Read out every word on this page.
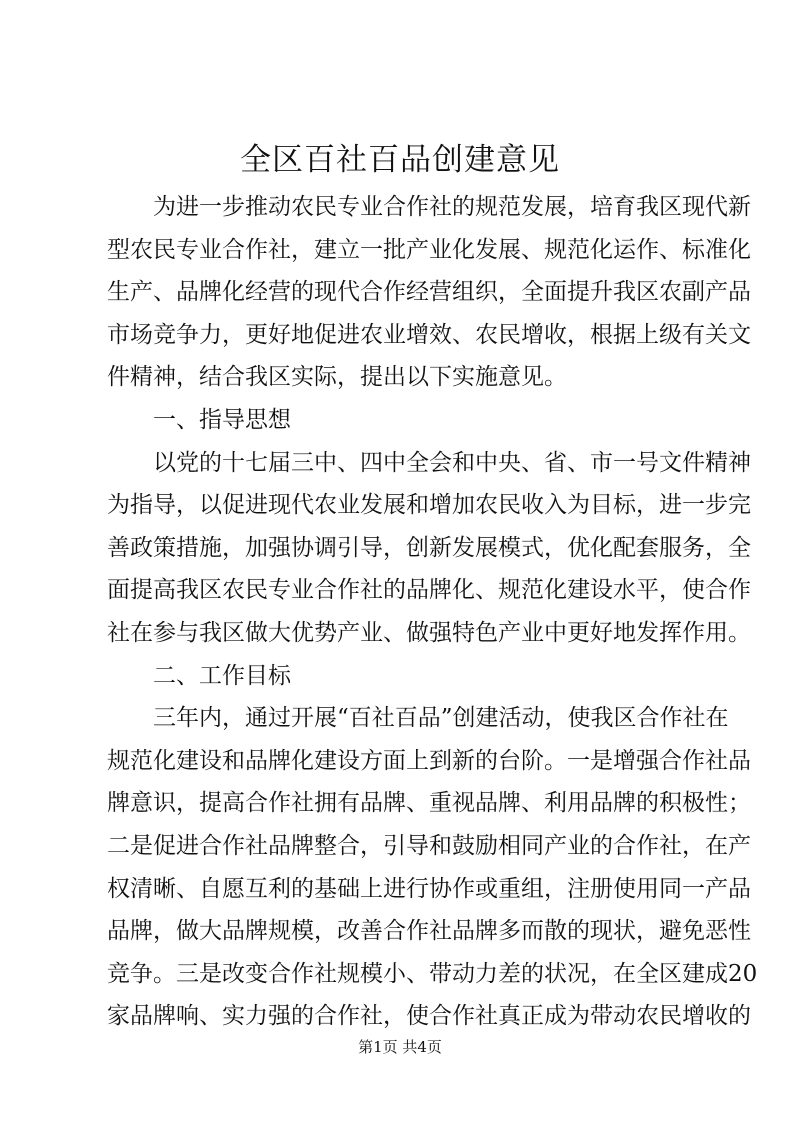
全区百社百品创建意见
为进一步推动农民专业合作社的规范发展，培育我区现代新
型农民专业合作社，建立一批产业化发展、规范化运作、标准化
生产、品牌化经营的现代合作经营组织，全面提升我区农副产品
市场竞争力，更好地促进农业增效、农民增收，根据上级有关文
件精神，结合我区实际，提出以下实施意见。
一、指导思想
以党的十七届三中、四中全会和中央、省、市一号文件精神
为指导，以促进现代农业发展和增加农民收入为目标，进一步完
善政策措施，加强协调引导，创新发展模式，优化配套服务，全
面提高我区农民专业合作社的品牌化、规范化建设水平，使合作
社在参与我区做大优势产业、做强特色产业中更好地发挥作用。
二、工作目标
三年内，通过开展“百社百品”创建活动，使我区合作社在
规范化建设和品牌化建设方面上到新的台阶。一是增强合作社品
牌意识，提高合作社拥有品牌、重视品牌、利用品牌的积极性；
二是促进合作社品牌整合，引导和鼓励相同产业的合作社，在产
权清晰、自愿互利的基础上进行协作或重组，注册使用同一产品
品牌，做大品牌规模，改善合作社品牌多而散的现状，避免恶性
竞争。三是改变合作社规模小、带动力差的状况，在全区建成20
家品牌响、实力强的合作社，使合作社真正成为带动农民增收的
第1页 共4页
